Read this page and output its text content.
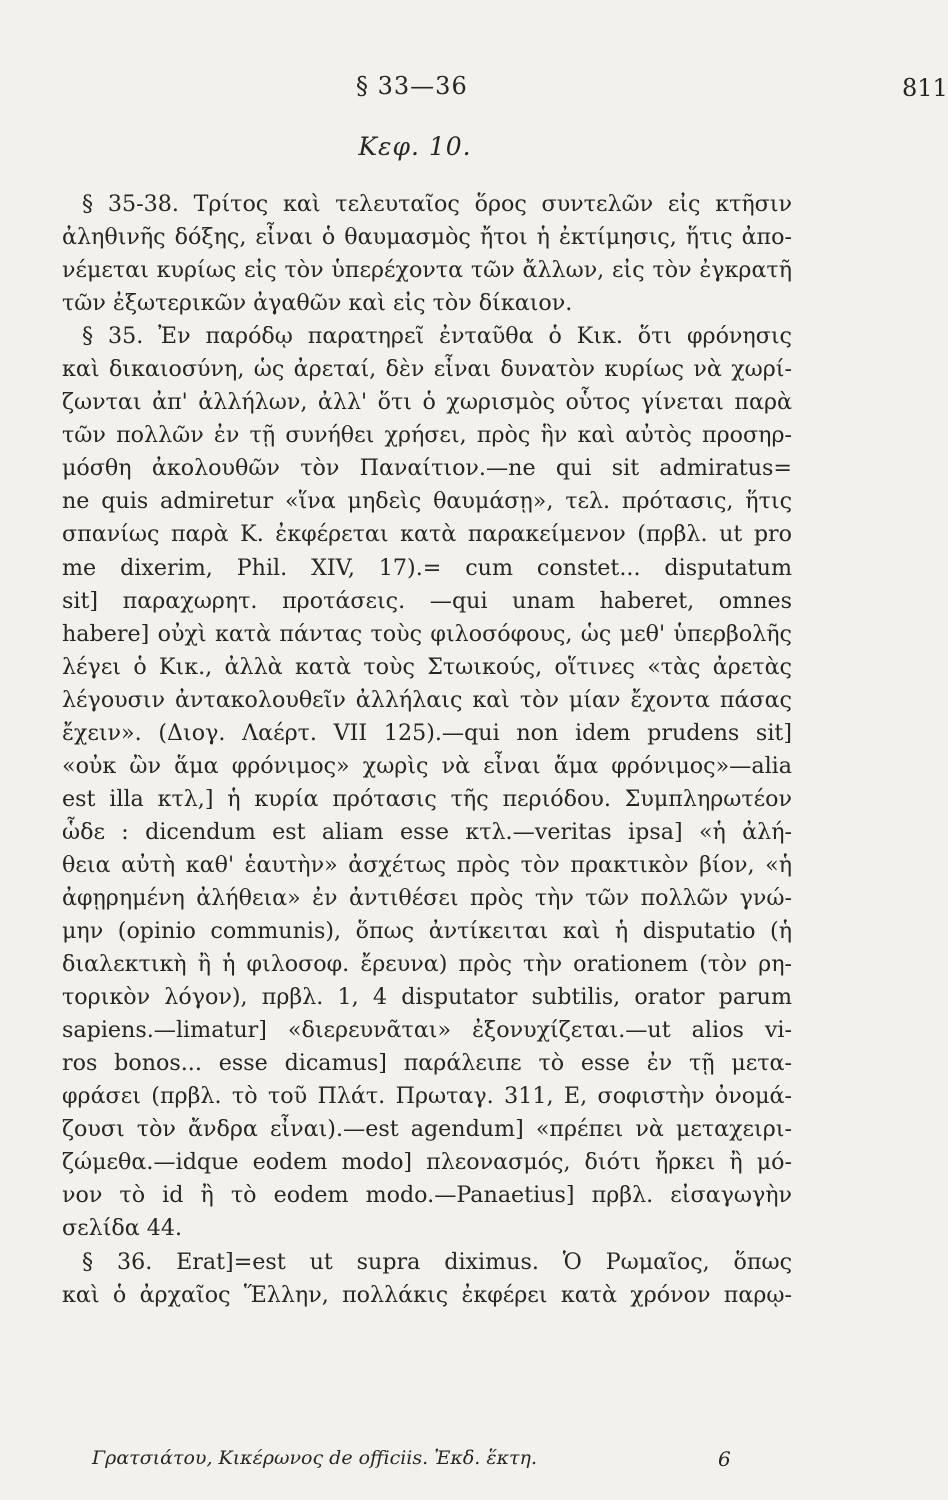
§ 33—36	811
Κεφ. 10.
§ 35-38. Τρίτος καὶ τελευταῖος ὅρος συντελῶν εἰς κτῆσιν
ἀληθινῆς δόξης, εἶναι ὁ θαυμασμὸς ἤτοι ἡ ἐκτίμησις, ἥτις ἀπο-
νέμεται κυρίως εἰς τὸν ὑπερέχοντα τῶν ἄλλων, εἰς τὸν ἐγκρατῆ
τῶν ἐξωτερικῶν ἀγαθῶν καὶ εἰς τὸν δίκαιον.
§ 35. Ἐν παρόδῳ παρατηρεῖ ἐνταῦθα ὁ Κικ. ὅτι φρόνησις
καὶ δικαιοσύνη, ὡς ἀρεταί, δὲν εἶναι δυνατὸν κυρίως νὰ χωρί-
ζωνται ἀπ' ἀλλήλων, ἀλλ' ὅτι ὁ χωρισμὸς οὗτος γίνεται παρὰ
τῶν πολλῶν ἐν τῇ συνήθει χρήσει, πρὸς ἣν καὶ αὐτὸς προσηρ-
μόσθη ἀκολουθῶν τὸν Παναίτιον.—ne qui sit admiratus=
ne quis admiretur «ἵνα μηδεὶς θαυμάσῃ», τελ. πρότασις, ἥτις
σπανίως παρὰ Κ. ἐκφέρεται κατὰ παρακείμενον (πρβλ. ut pro
me dixerim, Phil. XIV, 17).= cum constet... disputatum
sit] παραχωρητ. προτάσεις. —qui unam haberet, omnes
habere] οὐχὶ κατὰ πάντας τοὺς φιλοσόφους, ὡς μεθ' ὑπερβολῆς
λέγει ὁ Κικ., ἀλλὰ κατὰ τοὺς Στωικούς, οἵτινες «τὰς ἀρετὰς
λέγουσιν ἀντακολουθεῖν ἀλλήλαις καὶ τὸν μίαν ἔχοντα πάσας
ἔχειν». (Διογ. Λαέρτ. VII 125).—qui non idem prudens sit]
«οὐκ ὢν ἅμα φρόνιμος» χωρὶς νὰ εἶναι ἅμα φρόνιμος»—alia
est illa κτλ,] ἡ κυρία πρότασις τῆς περιόδου. Συμπληρωτέον
ὧδε : dicendum est aliam esse κτλ.—veritas ipsa] «ἡ ἀλή-
θεια αὐτὴ καθ' ἑαυτὴν» ἀσχέτως πρὸς τὸν πρακτικὸν βίον, «ἡ
ἀφῃρημένη ἀλήθεια» ἐν ἀντιθέσει πρὸς τὴν τῶν πολλῶν γνώ-
μην (opinio communis), ὅπως ἀντίκειται καὶ ἡ disputatio (ἡ
διαλεκτικὴ ἢ ἡ φιλοσοφ. ἔρευνα) πρὸς τὴν orationem (τὸν ρη-
τορικὸν λόγον), πρβλ. 1, 4 disputator subtilis, orator parum
sapiens.—limatur] «διερευνᾶται» ἐξονυχίζεται.—ut alios vi-
ros bonos... esse dicamus] παράλειπε τὸ esse ἐν τῇ μετα-
φράσει (πρβλ. τὸ τοῦ Πλάτ. Πρωταγ. 311, Ε, σοφιστὴν ὀνομά-
ζουσι τὸν ἄνδρα εἶναι).—est agendum] «πρέπει νὰ μεταχειρι-
ζώμεθα.—idque eodem modo] πλεονασμός, διότι ἤρκει ἢ μό-
νον τὸ id ἢ τὸ eodem modo.—Panaetius] πρβλ. εἰσαγωγὴν
σελίδα 44.
§ 36. Erat]=est ut supra diximus. Ὁ Ρωμαῖος, ὅπως
καὶ ὁ ἀρχαῖος Ἕλλην, πολλάκις ἐκφέρει κατὰ χρόνον παρῳ-
Γρατσιάτου, Κικέρωνος de officiis. Ἐκδ. ἕκτη.	6
